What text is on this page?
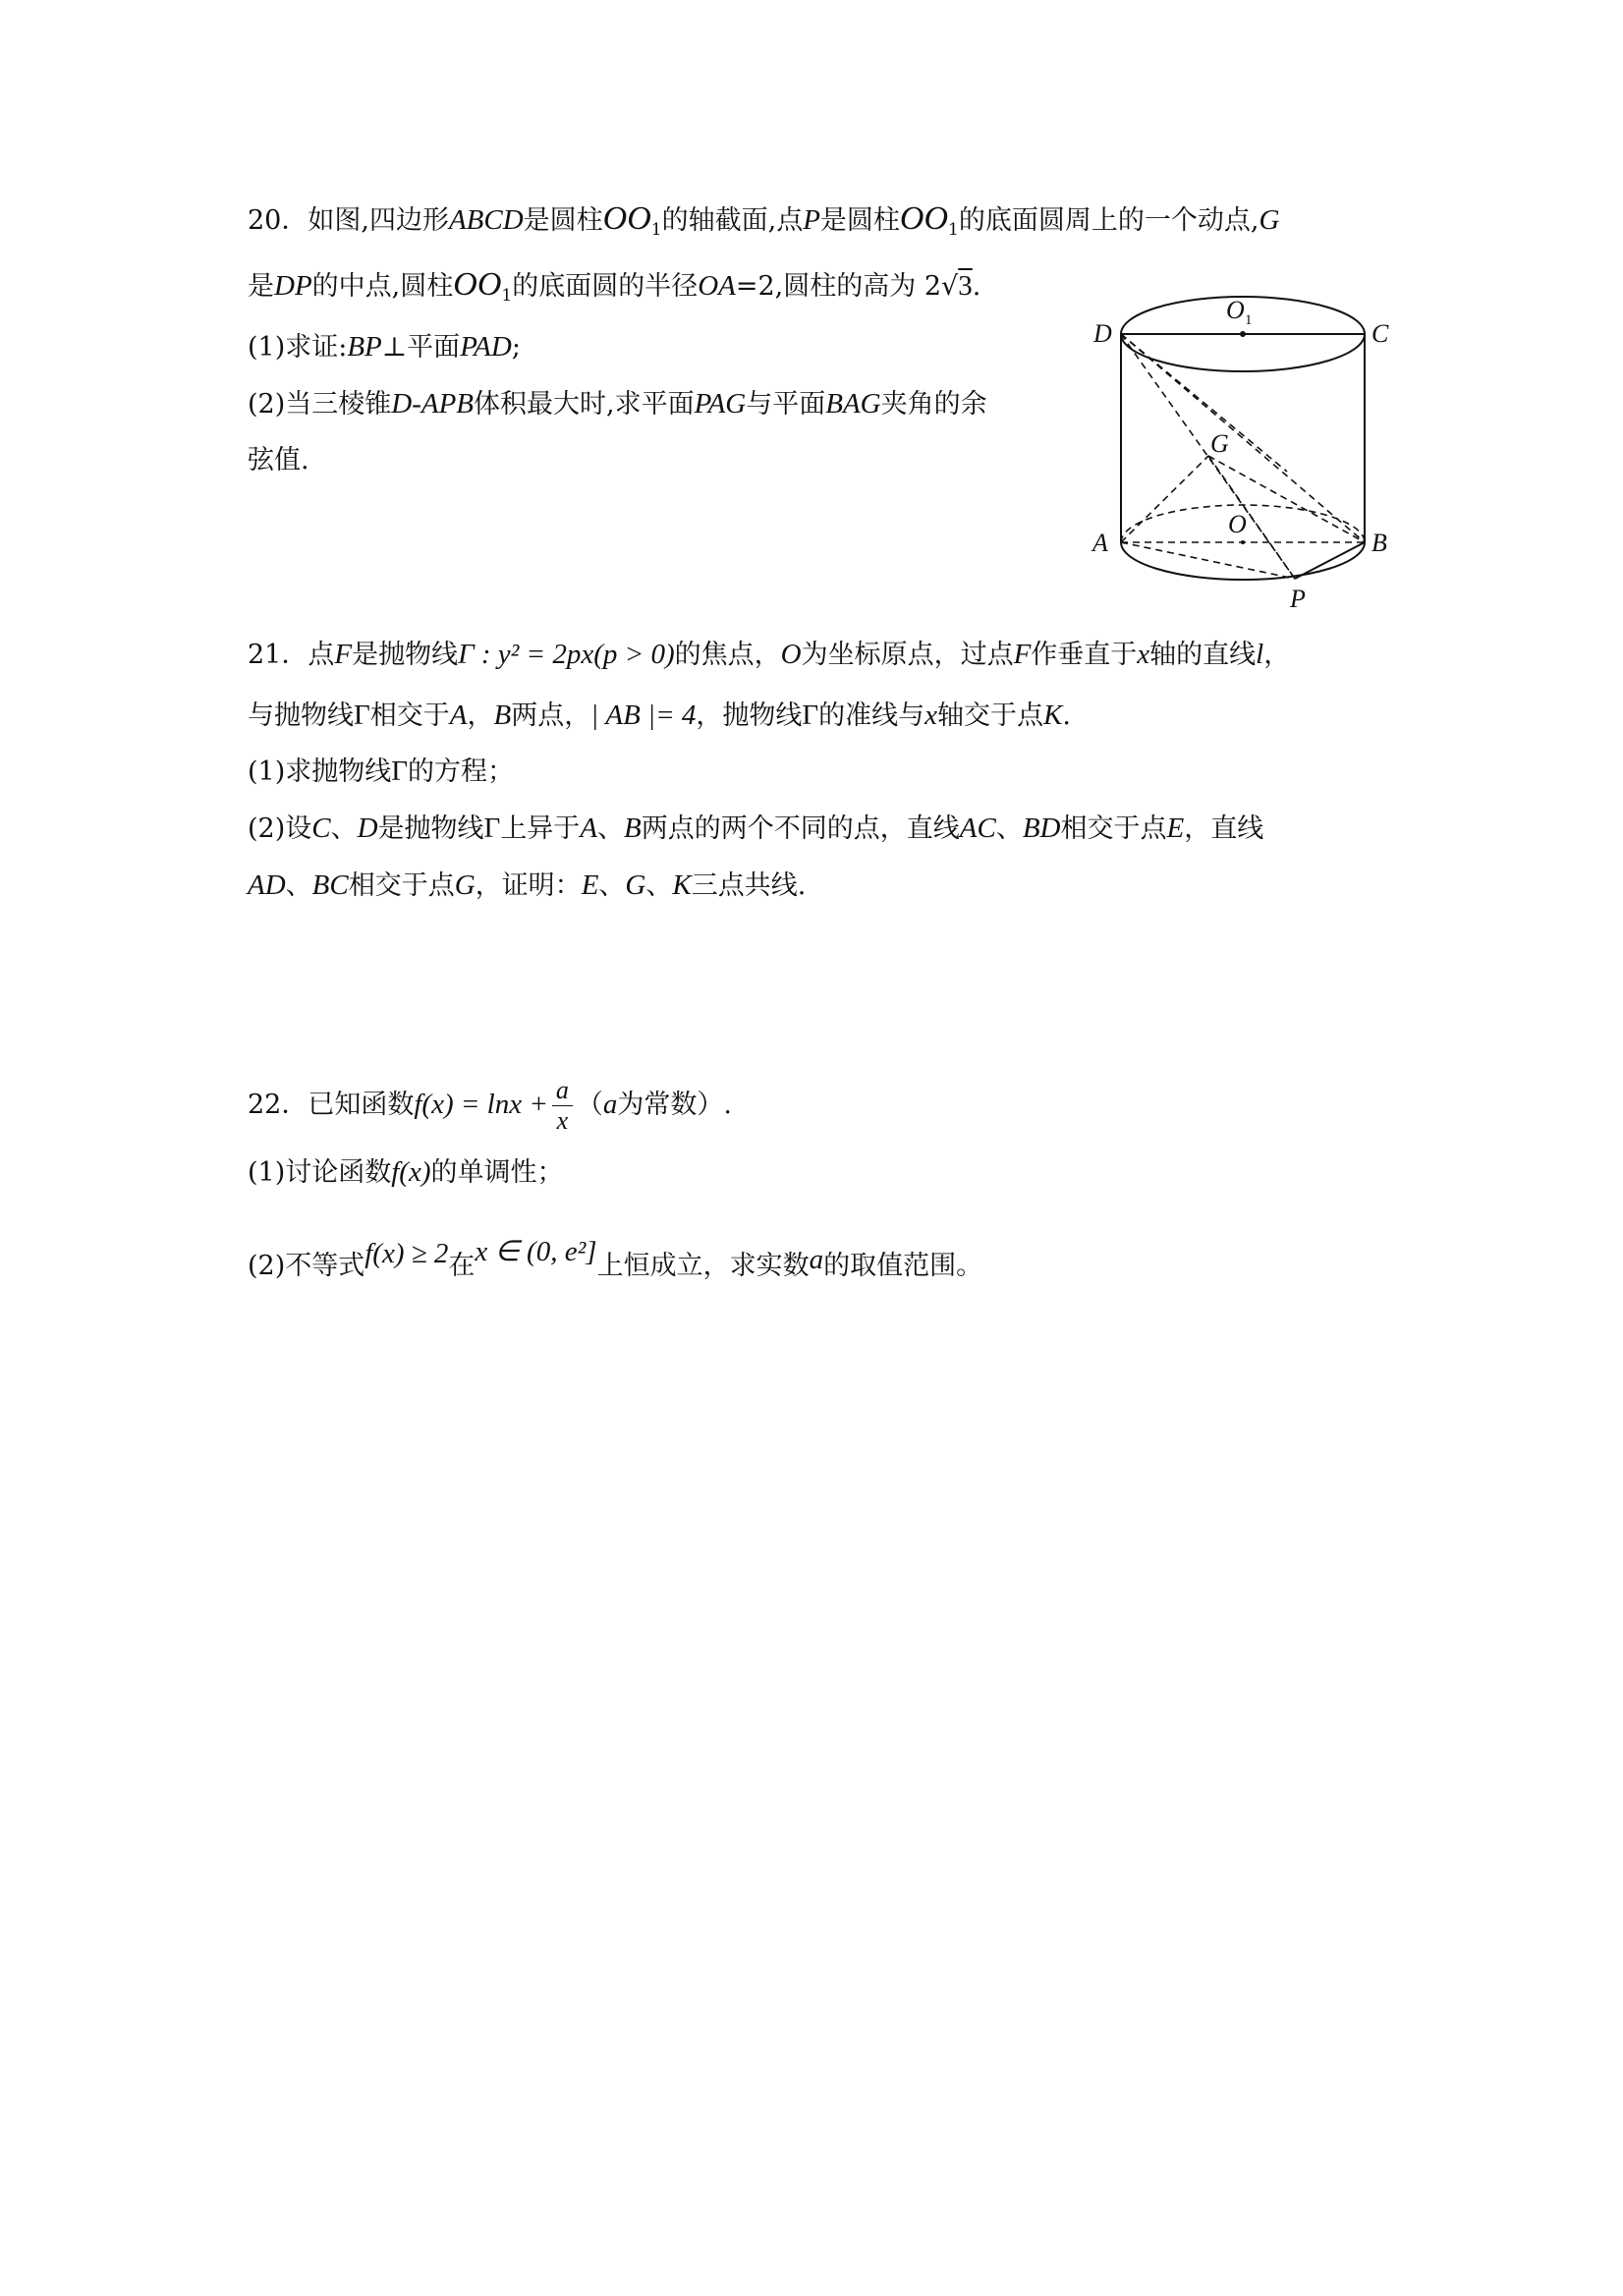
20．如图,四边形ABCD是圆柱$OO_1$的轴截面,点P是圆柱$OO_1$的底面圆周上的一个动点,G
是DP的中点,圆柱$OO_1$的底面圆的半径OA=2,圆柱的高为 2√3.
(1)求证:BP⊥平面PAD;
(2)当三棱锥D-APB体积最大时,求平面PAG与平面BAG夹角的余
弦值.
D	C
O 1
G
O
A	B
P
21．点F是抛物线Γ : y² = 2px(p > 0)的焦点，O为坐标原点，过点F作垂直于x轴的直线l，
与抛物线Γ相交于A，B两点，| AB |= 4，抛物线Γ的准线与x轴交于点K.
(1)求抛物线Γ的方程；
(2)设C、D是抛物线Γ上异于A、B两点的两个不同的点，直线AC、BD相交于点E，直线
AD、BC相交于点G，证明：E、G、K三点共线.
22．已知函数$f(x) = \ln x + \frac{a}{x} (a$为常数）.
(1)讨论函数f(x)的单调性；
(2)不等式f(x) ≥ 2在x ∈ (0, e²]上恒成立，求实数a的取值范围。
